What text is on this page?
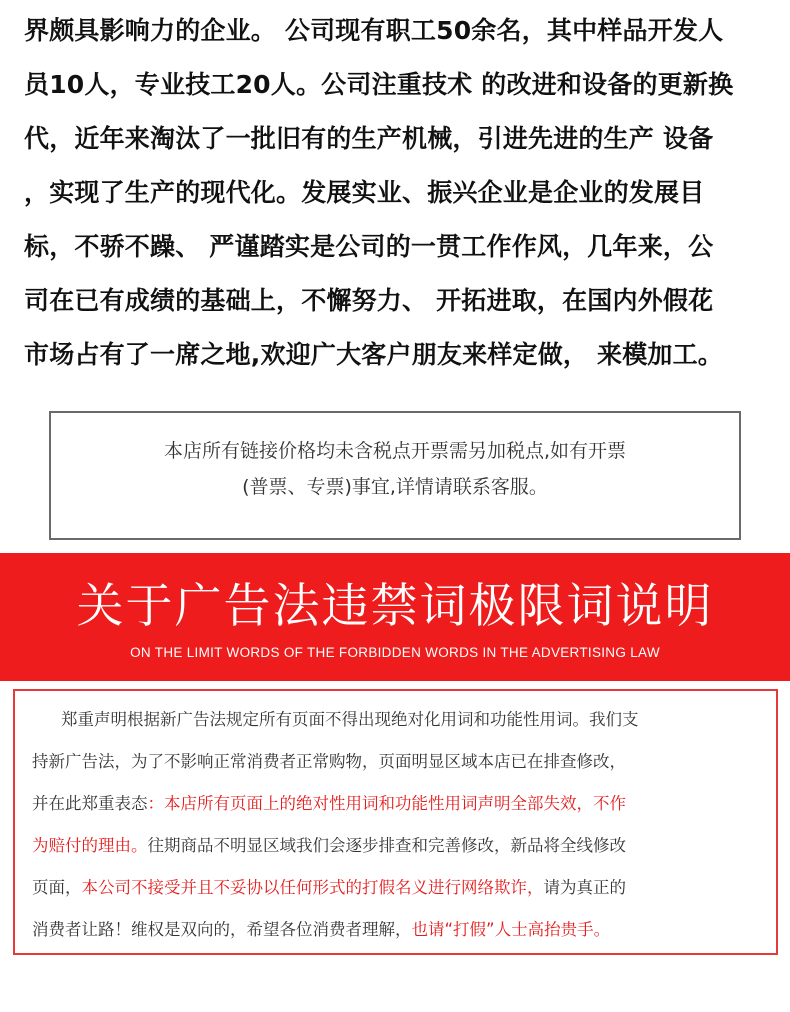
界颇具影响力的企业。 公司现有职工50余名，其中样品开发人
员10人，专业技工20人。公司注重技术 的改进和设备的更新换
代，近年来淘汰了一批旧有的生产机械，引进先进的生产 设备
，实现了生产的现代化。发展实业、振兴企业是企业的发展目
标，不骄不躁、 严谨踏实是公司的一贯工作作风，几年来，公
司在已有成绩的基础上，不懈努力、 开拓进取，在国内外假花
市场占有了一席之地,欢迎广大客户朋友来样定做， 来模加工。
本店所有链接价格均未含税点开票需另加税点,如有开票
(普票、专票)事宜,详情请联系客服。
关于广告法违禁词极限词说明
ON THE LIMIT WORDS OF THE FORBIDDEN WORDS IN THE ADVERTISING LAW
郑重声明根据新广告法规定所有页面不得出现绝对化用词和功能性用词。我们支
持新广告法，为了不影响正常消费者正常购物，页面明显区域本店已在排查修改，
并在此郑重表态：本店所有页面上的绝对性用词和功能性用词声明全部失效，不作
为赔付的理由。往期商品不明显区域我们会逐步排查和完善修改，新品将全线修改
页面，本公司不接受并且不妥协以任何形式的打假名义进行网络欺诈，请为真正的
消费者让路！维权是双向的，希望各位消费者理解，也请“打假”人士高抬贵手。
